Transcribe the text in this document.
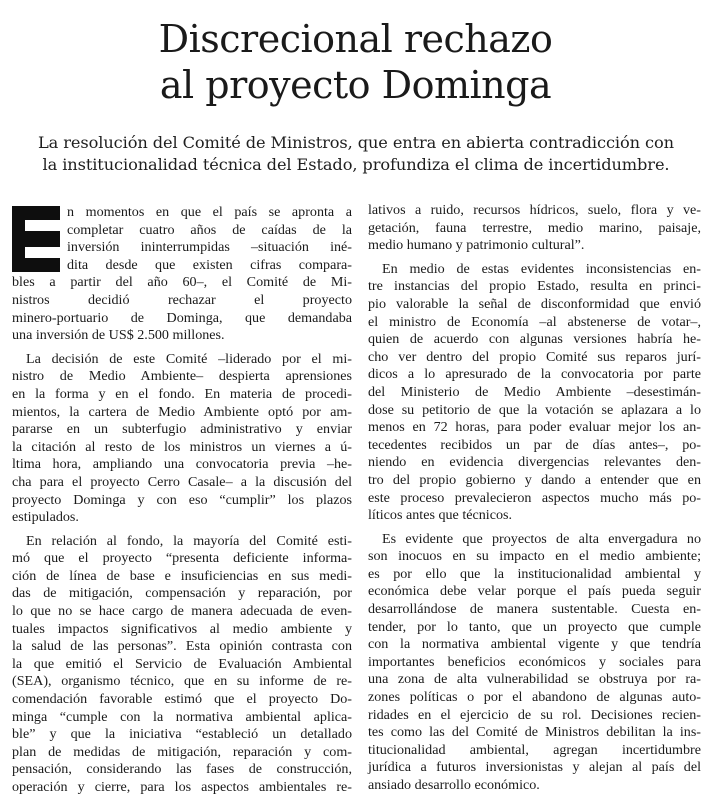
Discrecional rechazo
al proyecto Dominga
La resolución del Comité de Ministros, que entra en abierta contradicción con
la institucionalidad técnica del Estado, profundiza el clima de incertidumbre.
n momentos en que el país se apronta a
completar cuatro años de caídas de la
inversión ininterrumpidas –situación iné-
dita desde que existen cifras compara-
bles a partir del año 60–, el Comité de Mi-
nistros decidió rechazar el proyecto
minero-portuario de Dominga, que demandaba
una inversión de US$ 2.500 millones.
La decisión de este Comité –liderado por el mi-
nistro de Medio Ambiente– despierta aprensiones
en la forma y en el fondo. En materia de procedi-
mientos, la cartera de Medio Ambiente optó por am-
pararse en un subterfugio administrativo y enviar
la citación al resto de los ministros un viernes a ú-
ltima hora, ampliando una convocatoria previa –he-
cha para el proyecto Cerro Casale– a la discusión del
proyecto Dominga y con eso “cumplir” los plazos
estipulados.
En relación al fondo, la mayoría del Comité esti-
mó que el proyecto “presenta deficiente informa-
ción de línea de base e insuficiencias en sus medi-
das de mitigación, compensación y reparación, por
lo que no se hace cargo de manera adecuada de even-
tuales impactos significativos al medio ambiente y
la salud de las personas”. Esta opinión contrasta con
la que emitió el Servicio de Evaluación Ambiental
(SEA), organismo técnico, que en su informe de re-
comendación favorable estimó que el proyecto Do-
minga “cumple con la normativa ambiental aplica-
ble” y que la iniciativa “estableció un detallado
plan de medidas de mitigación, reparación y com-
pensación, considerando las fases de construcción,
operación y cierre, para los aspectos ambientales re-
lativos a ruido, recursos hídricos, suelo, flora y ve-
getación, fauna terrestre, medio marino, paisaje,
medio humano y patrimonio cultural”.
En medio de estas evidentes inconsistencias en-
tre instancias del propio Estado, resulta en princi-
pio valorable la señal de disconformidad que envió
el ministro de Economía –al abstenerse de votar–,
quien de acuerdo con algunas versiones habría he-
cho ver dentro del propio Comité sus reparos jurí-
dicos a lo apresurado de la convocatoria por parte
del Ministerio de Medio Ambiente –desestimán-
dose su petitorio de que la votación se aplazara a lo
menos en 72 horas, para poder evaluar mejor los an-
tecedentes recibidos un par de días antes–, po-
niendo en evidencia divergencias relevantes den-
tro del propio gobierno y dando a entender que en
este proceso prevalecieron aspectos mucho más po-
líticos antes que técnicos.
Es evidente que proyectos de alta envergadura no
son inocuos en su impacto en el medio ambiente;
es por ello que la institucionalidad ambiental y
económica debe velar porque el país pueda seguir
desarrollándose de manera sustentable. Cuesta en-
tender, por lo tanto, que un proyecto que cumple
con la normativa ambiental vigente y que tendría
importantes beneficios económicos y sociales para
una zona de alta vulnerabilidad se obstruya por ra-
zones políticas o por el abandono de algunas auto-
ridades en el ejercicio de su rol. Decisiones recien-
tes como las del Comité de Ministros debilitan la ins-
titucionalidad ambiental, agregan incertidumbre
jurídica a futuros inversionistas y alejan al país del
ansiado desarrollo económico.
